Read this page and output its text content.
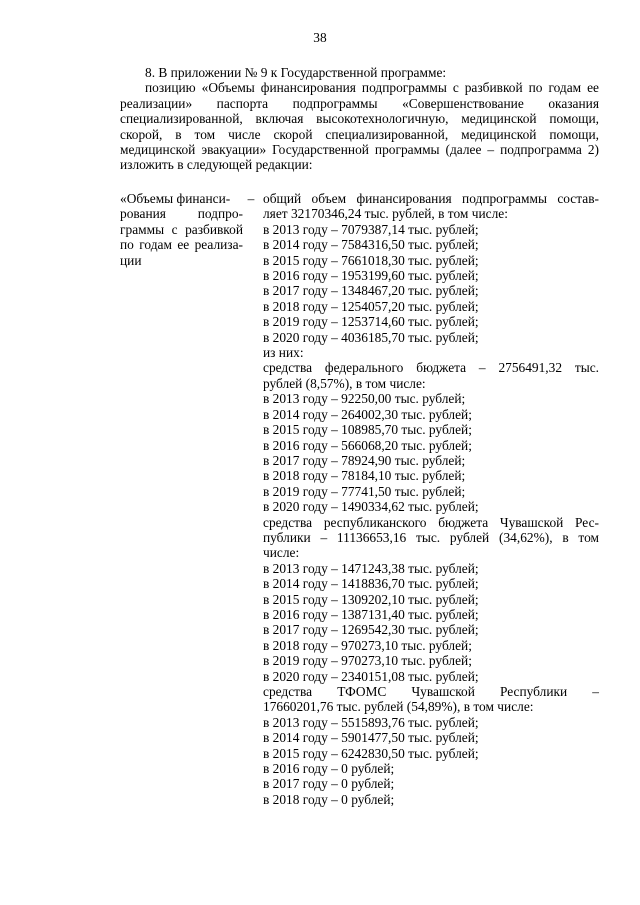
38

8. В приложении № 9 к Государственной программе:

позицию «Объемы финансирования подпрограммы с разбивкой по годам ее реализации» паспорта подпрограммы «Совершенствование оказания специализированной, включая высокотехнологичную, медицинской помощи, скорой, в том числе скорой специализированной, медицинской помощи, медицинской эвакуации» Государственной программы (далее – подпрограмма 2) изложить в следующей редакции:

«Объемы финанси-
рования подпро-
граммы с разбивкой
по годам ее реализа-
ции
– общий объем финансирования подпрограммы состав-
ляет 32170346,24 тыс. рублей, в том числе:
в 2013 году – 7079387,14 тыс. рублей;
в 2014 году – 7584316,50 тыс. рублей;
в 2015 году – 7661018,30 тыс. рублей;
в 2016 году – 1953199,60 тыс. рублей;
в 2017 году – 1348467,20 тыс. рублей;
в 2018 году – 1254057,20 тыс. рублей;
в 2019 году – 1253714,60 тыс. рублей;
в 2020 году – 4036185,70 тыс. рублей;
из них:
средства федерального бюджета – 2756491,32 тыс.
рублей (8,57%), в том числе:
в 2013 году – 92250,00 тыс. рублей;
в 2014 году – 264002,30 тыс. рублей;
в 2015 году – 108985,70 тыс. рублей;
в 2016 году – 566068,20 тыс. рублей;
в 2017 году – 78924,90 тыс. рублей;
в 2018 году – 78184,10 тыс. рублей;
в 2019 году – 77741,50 тыс. рублей;
в 2020 году – 1490334,62 тыс. рублей;
средства республиканского бюджета Чувашской Рес-
публики – 11136653,16 тыс. рублей (34,62%), в том
числе:
в 2013 году – 1471243,38 тыс. рублей;
в 2014 году – 1418836,70 тыс. рублей;
в 2015 году – 1309202,10 тыс. рублей;
в 2016 году – 1387131,40 тыс. рублей;
в 2017 году – 1269542,30 тыс. рублей;
в 2018 году – 970273,10 тыс. рублей;
в 2019 году – 970273,10 тыс. рублей;
в 2020 году – 2340151,08 тыс. рублей;
средства ТФОМС Чувашской Республики –
17660201,76 тыс. рублей (54,89%), в том числе:
в 2013 году – 5515893,76 тыс. рублей;
в 2014 году – 5901477,50 тыс. рублей;
в 2015 году – 6242830,50 тыс. рублей;
в 2016 году – 0 рублей;
в 2017 году – 0 рублей;
в 2018 году – 0 рублей;
